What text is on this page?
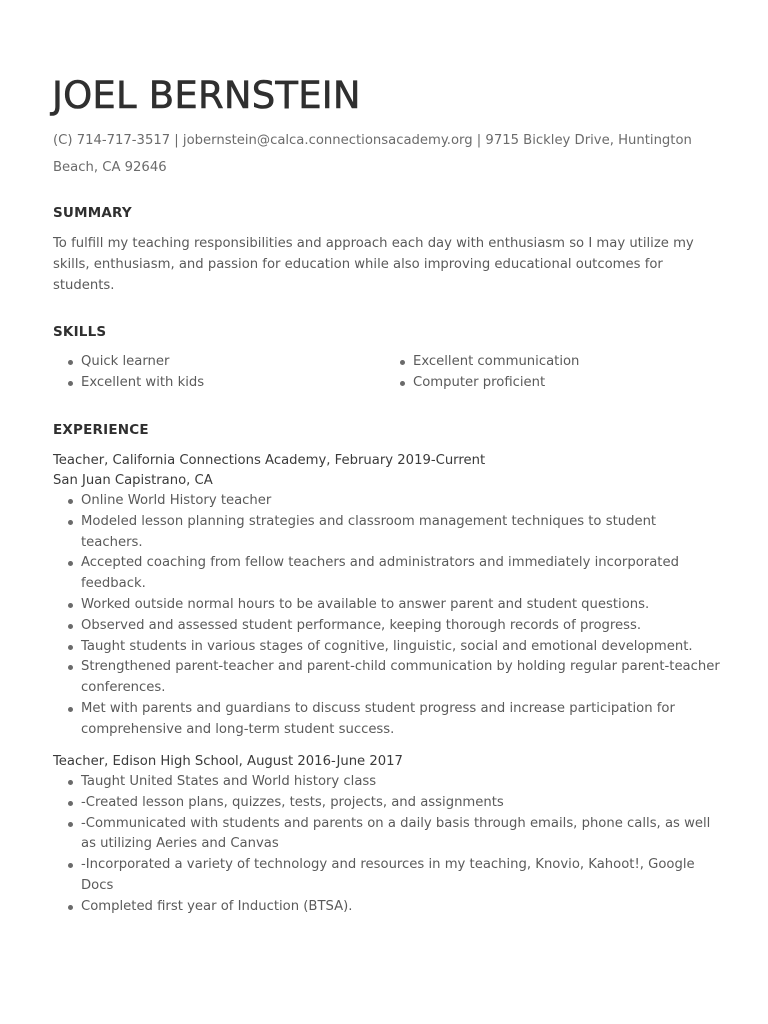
JOEL BERNSTEIN

(C) 714-717-3517 | jobernstein@calca.connectionsacademy.org | 9715 Bickley Drive, Huntington Beach, CA 92646

SUMMARY

To fulfill my teaching responsibilities and approach each day with enthusiasm so I may utilize my skills, enthusiasm, and passion for education while also improving educational outcomes for students.

SKILLS
Quick learner
Excellent with kids
Excellent communication
Computer proficient
EXPERIENCE

Teacher, California Connections Academy, February 2019-Current

San Juan Capistrano, CA

Online World History teacher
Modeled lesson planning strategies and classroom management techniques to student teachers.
Accepted coaching from fellow teachers and administrators and immediately incorporated feedback.
Worked outside normal hours to be available to answer parent and student questions.
Observed and assessed student performance, keeping thorough records of progress.
Taught students in various stages of cognitive, linguistic, social and emotional development.
Strengthened parent-teacher and parent-child communication by holding regular parent-teacher conferences.
Met with parents and guardians to discuss student progress and increase participation for comprehensive and long-term student success.

Teacher, Edison High School, August 2016-June 2017

Taught United States and World history class
-Created lesson plans, quizzes, tests, projects, and assignments
-Communicated with students and parents on a daily basis through emails, phone calls, as well as utilizing Aeries and Canvas
-Incorporated a variety of technology and resources in my teaching, Knovio, Kahoot!, Google Docs
Completed first year of Induction (BTSA).
